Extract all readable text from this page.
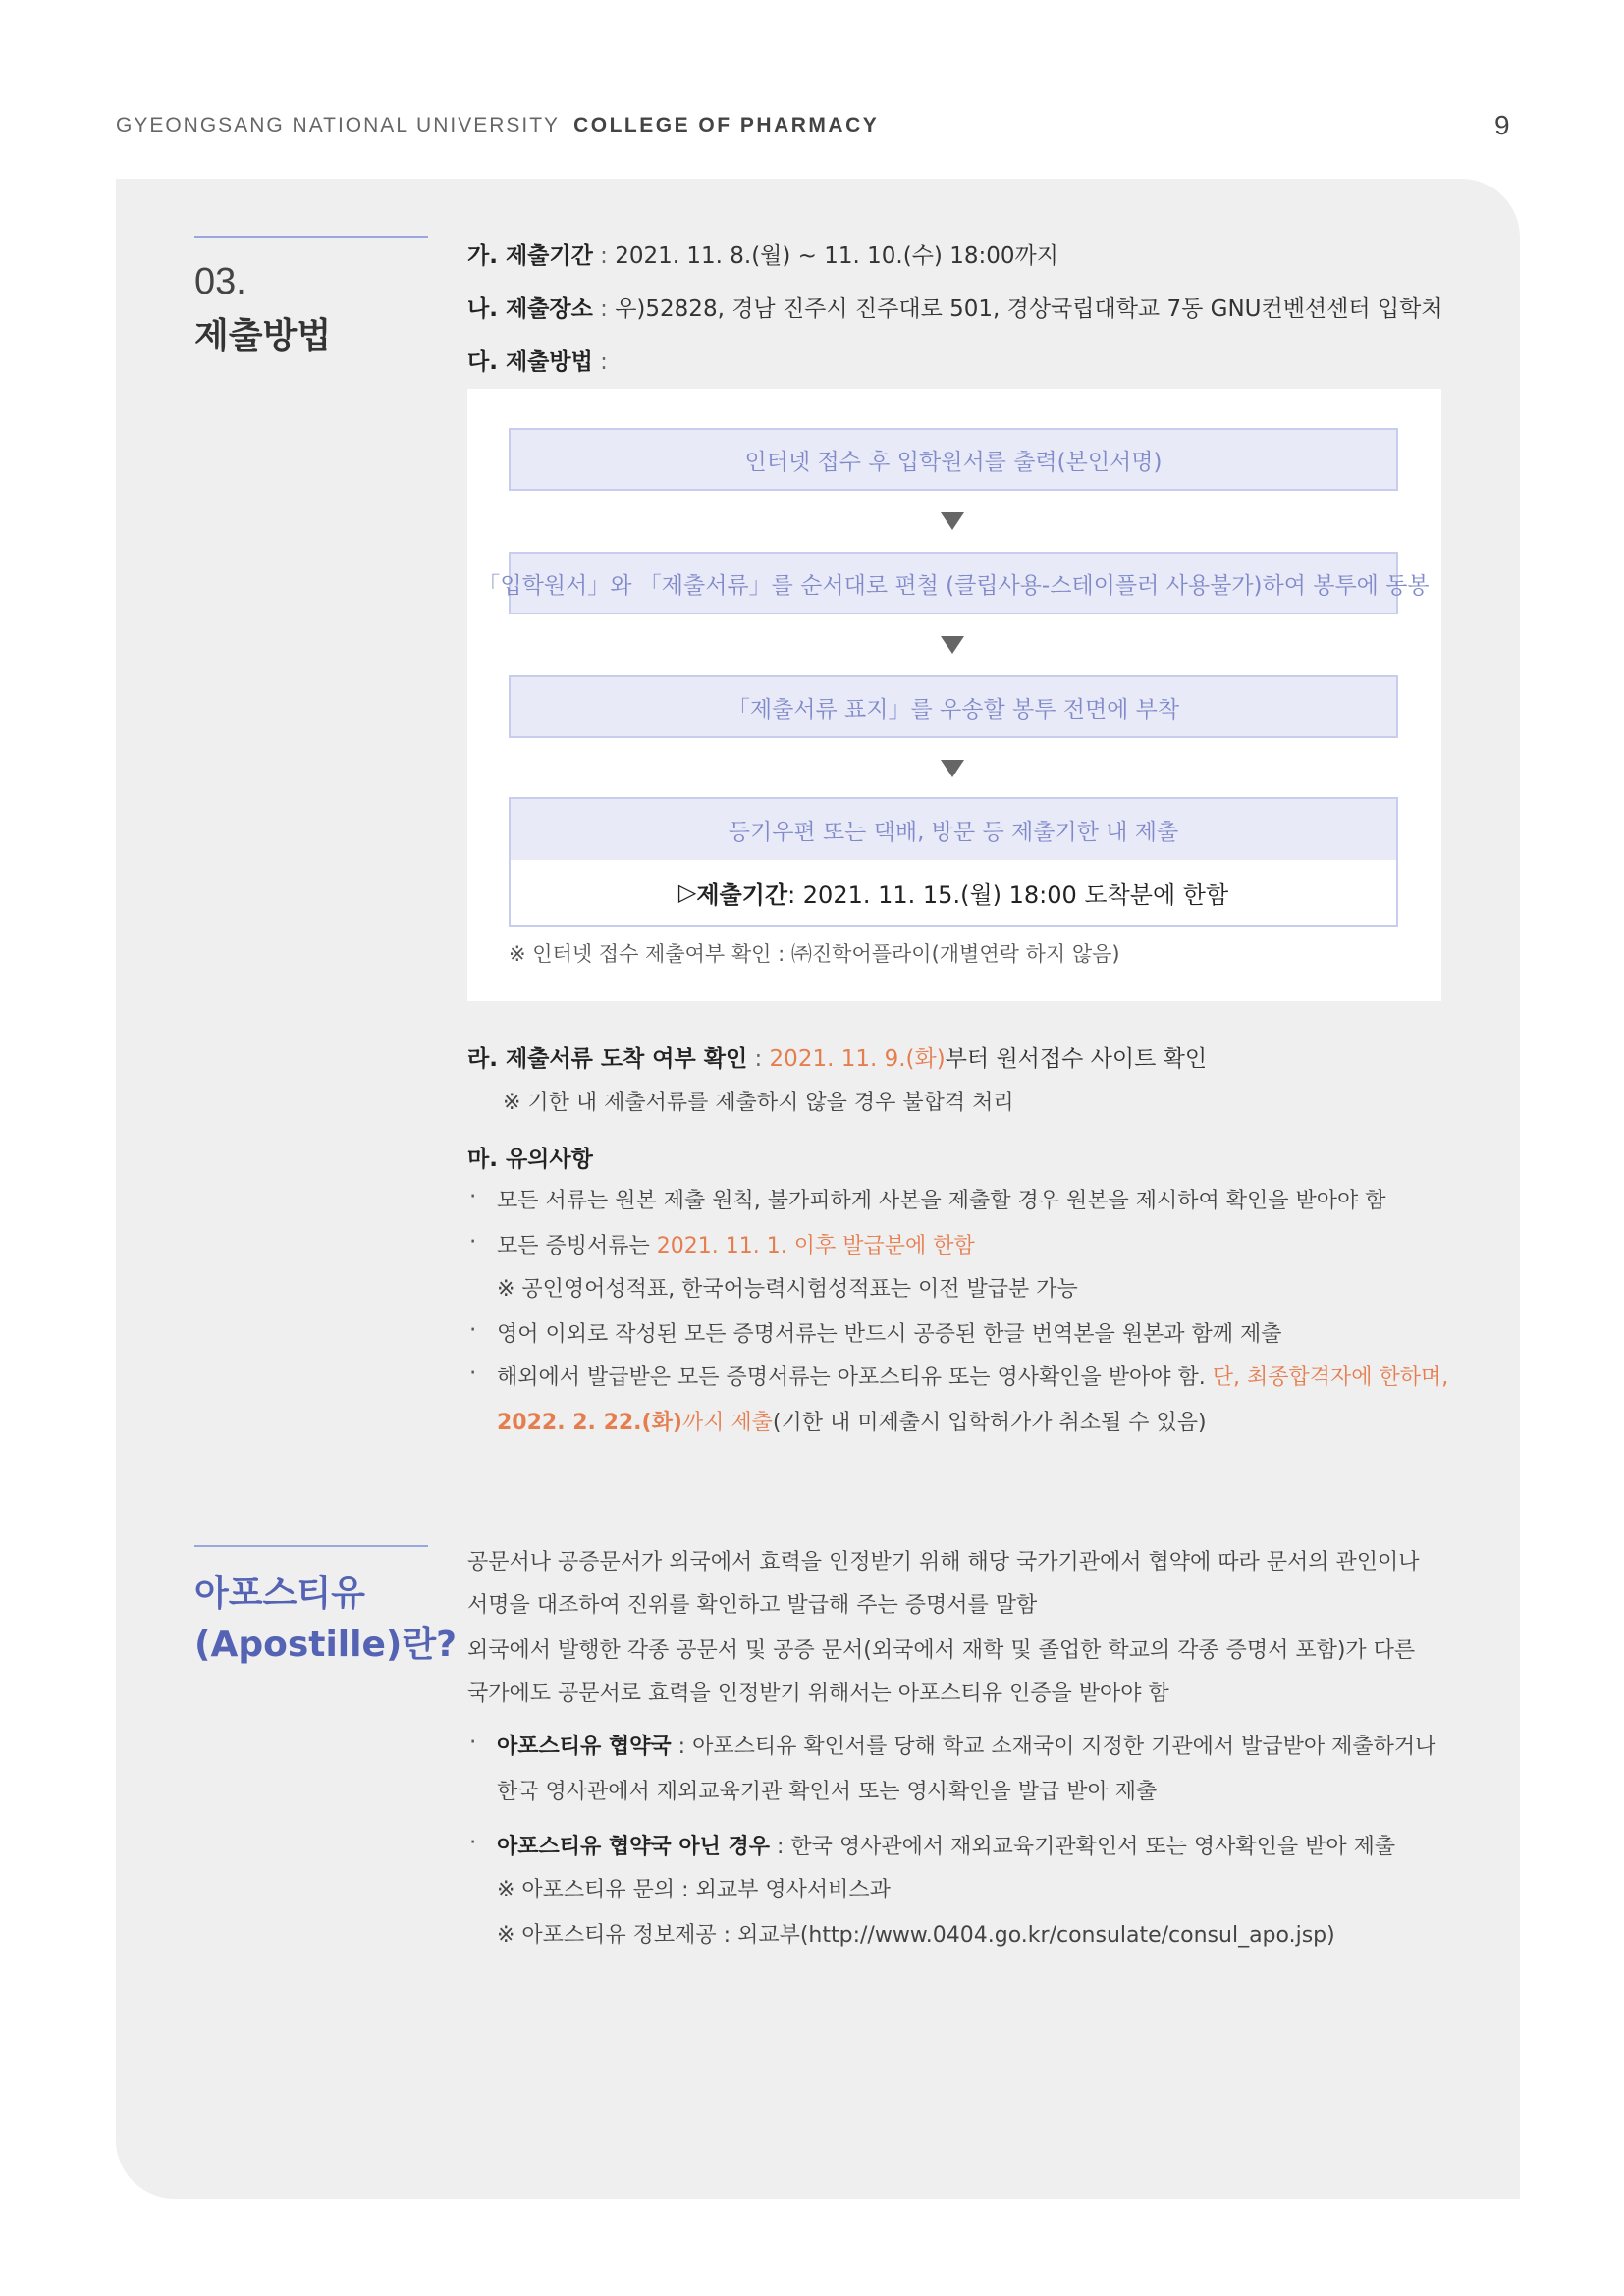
GYEONGSANG NATIONAL UNIVERSITY COLLEGE OF PHARMACY	9
03.
제출방법
가. 제출기간 : 2021. 11. 8.(월) ~ 11. 10.(수) 18:00까지
나. 제출장소 : 우)52828, 경남 진주시 진주대로 501, 경상국립대학교 7동 GNU컨벤션센터 입학처
다. 제출방법 :
인터넷 접수 후 입학원서를 출력(본인서명)
「입학원서」와 「제출서류」를 순서대로 편철 (클립사용-스테이플러 사용불가)하여 봉투에 동봉
「제출서류 표지」를 우송할 봉투 전면에 부착
등기우편 또는 택배, 방문 등 제출기한 내 제출
▷ 제출기간 : 2021. 11. 15.(월) 18:00 도착분에 한함
※ 인터넷 접수 제출여부 확인 : ㈜진학어플라이(개별연락 하지 않음)
라. 제출서류 도착 여부 확인 : 2021. 11. 9.(화)부터 원서접수 사이트 확인
※ 기한 내 제출서류를 제출하지 않을 경우 불합격 처리
마. 유의사항
· 모든 서류는 원본 제출 원칙, 불가피하게 사본을 제출할 경우 원본을 제시하여 확인을 받아야 함
· 모든 증빙서류는 2021. 11. 1. 이후 발급분에 한함
※ 공인영어성적표, 한국어능력시험성적표는 이전 발급분 가능
· 영어 이외로 작성된 모든 증명서류는 반드시 공증된 한글 번역본을 원본과 함께 제출
· 해외에서 발급받은 모든 증명서류는 아포스티유 또는 영사확인을 받아야 함. 단, 최종합격자에 한하며,
2022. 2. 22.(화)까지 제출(기한 내 미제출시 입학허가가 취소될 수 있음)
아포스티유
(Apostille)란?
공문서나 공증문서가 외국에서 효력을 인정받기 위해 해당 국가기관에서 협약에 따라 문서의 관인이나
서명을 대조하여 진위를 확인하고 발급해 주는 증명서를 말함
외국에서 발행한 각종 공문서 및 공증 문서(외국에서 재학 및 졸업한 학교의 각종 증명서 포함)가 다른
국가에도 공문서로 효력을 인정받기 위해서는 아포스티유 인증을 받아야 함
· 아포스티유 협약국 : 아포스티유 확인서를 당해 학교 소재국이 지정한 기관에서 발급받아 제출하거나
한국 영사관에서 재외교육기관 확인서 또는 영사확인을 발급 받아 제출
· 아포스티유 협약국 아닌 경우 : 한국 영사관에서 재외교육기관확인서 또는 영사확인을 받아 제출
※ 아포스티유 문의 : 외교부 영사서비스과
※ 아포스티유 정보제공 : 외교부(http://www.0404.go.kr/consulate/consul_apo.jsp)
